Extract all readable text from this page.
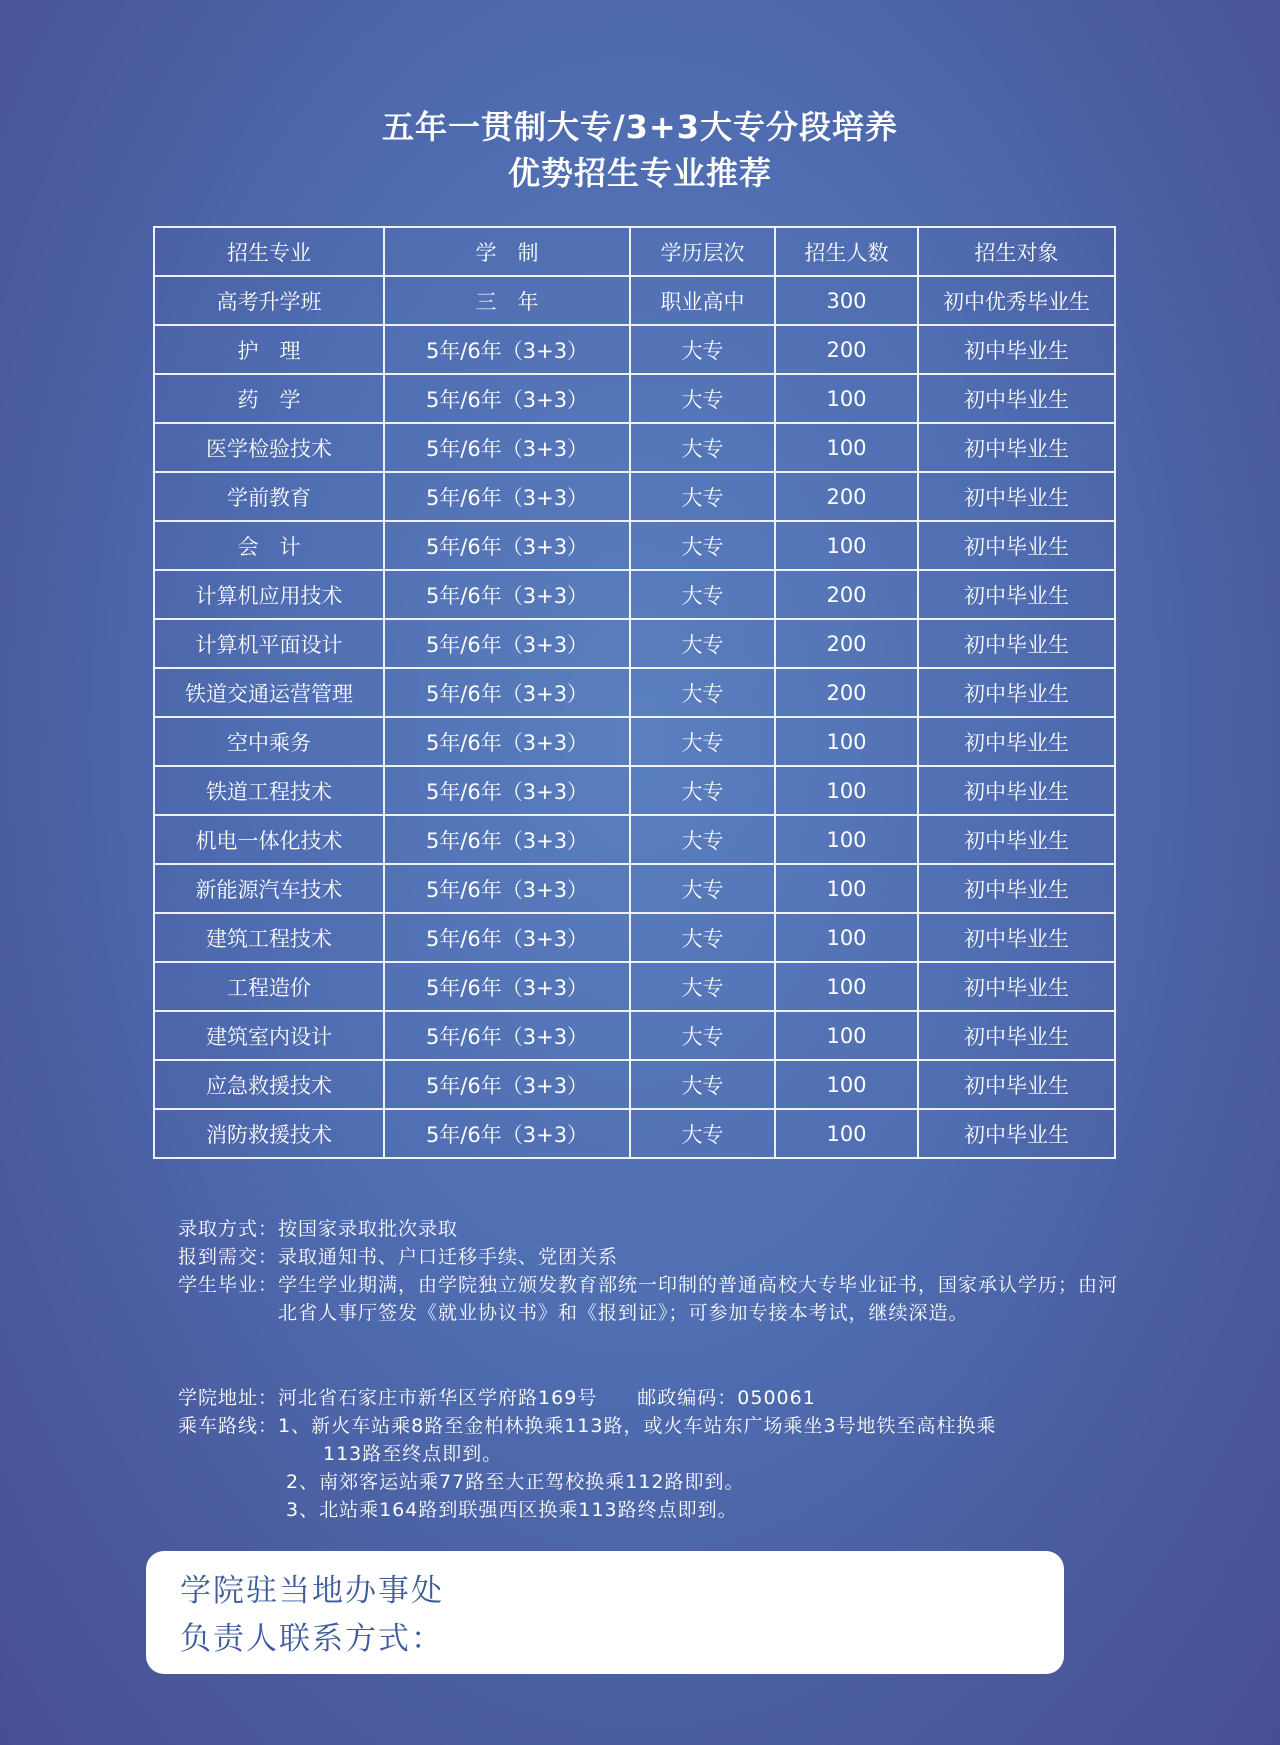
五年一贯制大专/3+3大专分段培养
优势招生专业推荐
招生专业	学　制	学历层次	招生人数	招生对象
高考升学班	三　年	职业高中	300	初中优秀毕业生
护　理	5年/6年（3+3）	大专	200	初中毕业生
药　学	5年/6年（3+3）	大专	100	初中毕业生
医学检验技术	5年/6年（3+3）	大专	100	初中毕业生
学前教育	5年/6年（3+3）	大专	200	初中毕业生
会　计	5年/6年（3+3）	大专	100	初中毕业生
计算机应用技术	5年/6年（3+3）	大专	200	初中毕业生
计算机平面设计	5年/6年（3+3）	大专	200	初中毕业生
铁道交通运营管理	5年/6年（3+3）	大专	200	初中毕业生
空中乘务	5年/6年（3+3）	大专	100	初中毕业生
铁道工程技术	5年/6年（3+3）	大专	100	初中毕业生
机电一体化技术	5年/6年（3+3）	大专	100	初中毕业生
新能源汽车技术	5年/6年（3+3）	大专	100	初中毕业生
建筑工程技术	5年/6年（3+3）	大专	100	初中毕业生
工程造价	5年/6年（3+3）	大专	100	初中毕业生
建筑室内设计	5年/6年（3+3）	大专	100	初中毕业生
应急救援技术	5年/6年（3+3）	大专	100	初中毕业生
消防救援技术	5年/6年（3+3）	大专	100	初中毕业生
录取方式： 按国家录取批次录取
报到需交： 录取通知书、户口迁移手续、党团关系
学生毕业： 学生学业期满，由学院独立颁发教育部统一印制的普通高校大专毕业证书，国家承认学历；由河北省人事厅签发《就业协议书》和《报到证》；可参加专接本考试，继续深造。
学院地址： 河北省石家庄市新华区学府路169号　　邮政编码：050061
乘车路线： 1、新火车站乘8路至金柏林换乘113路，或火车站东广场乘坐3号地铁至高柱换乘
113路至终点即到。
2、南郊客运站乘77路至大正驾校换乘112路即到。
3、北站乘164路到联强西区换乘113路终点即到。
学院驻当地办事处
负责人联系方式：
